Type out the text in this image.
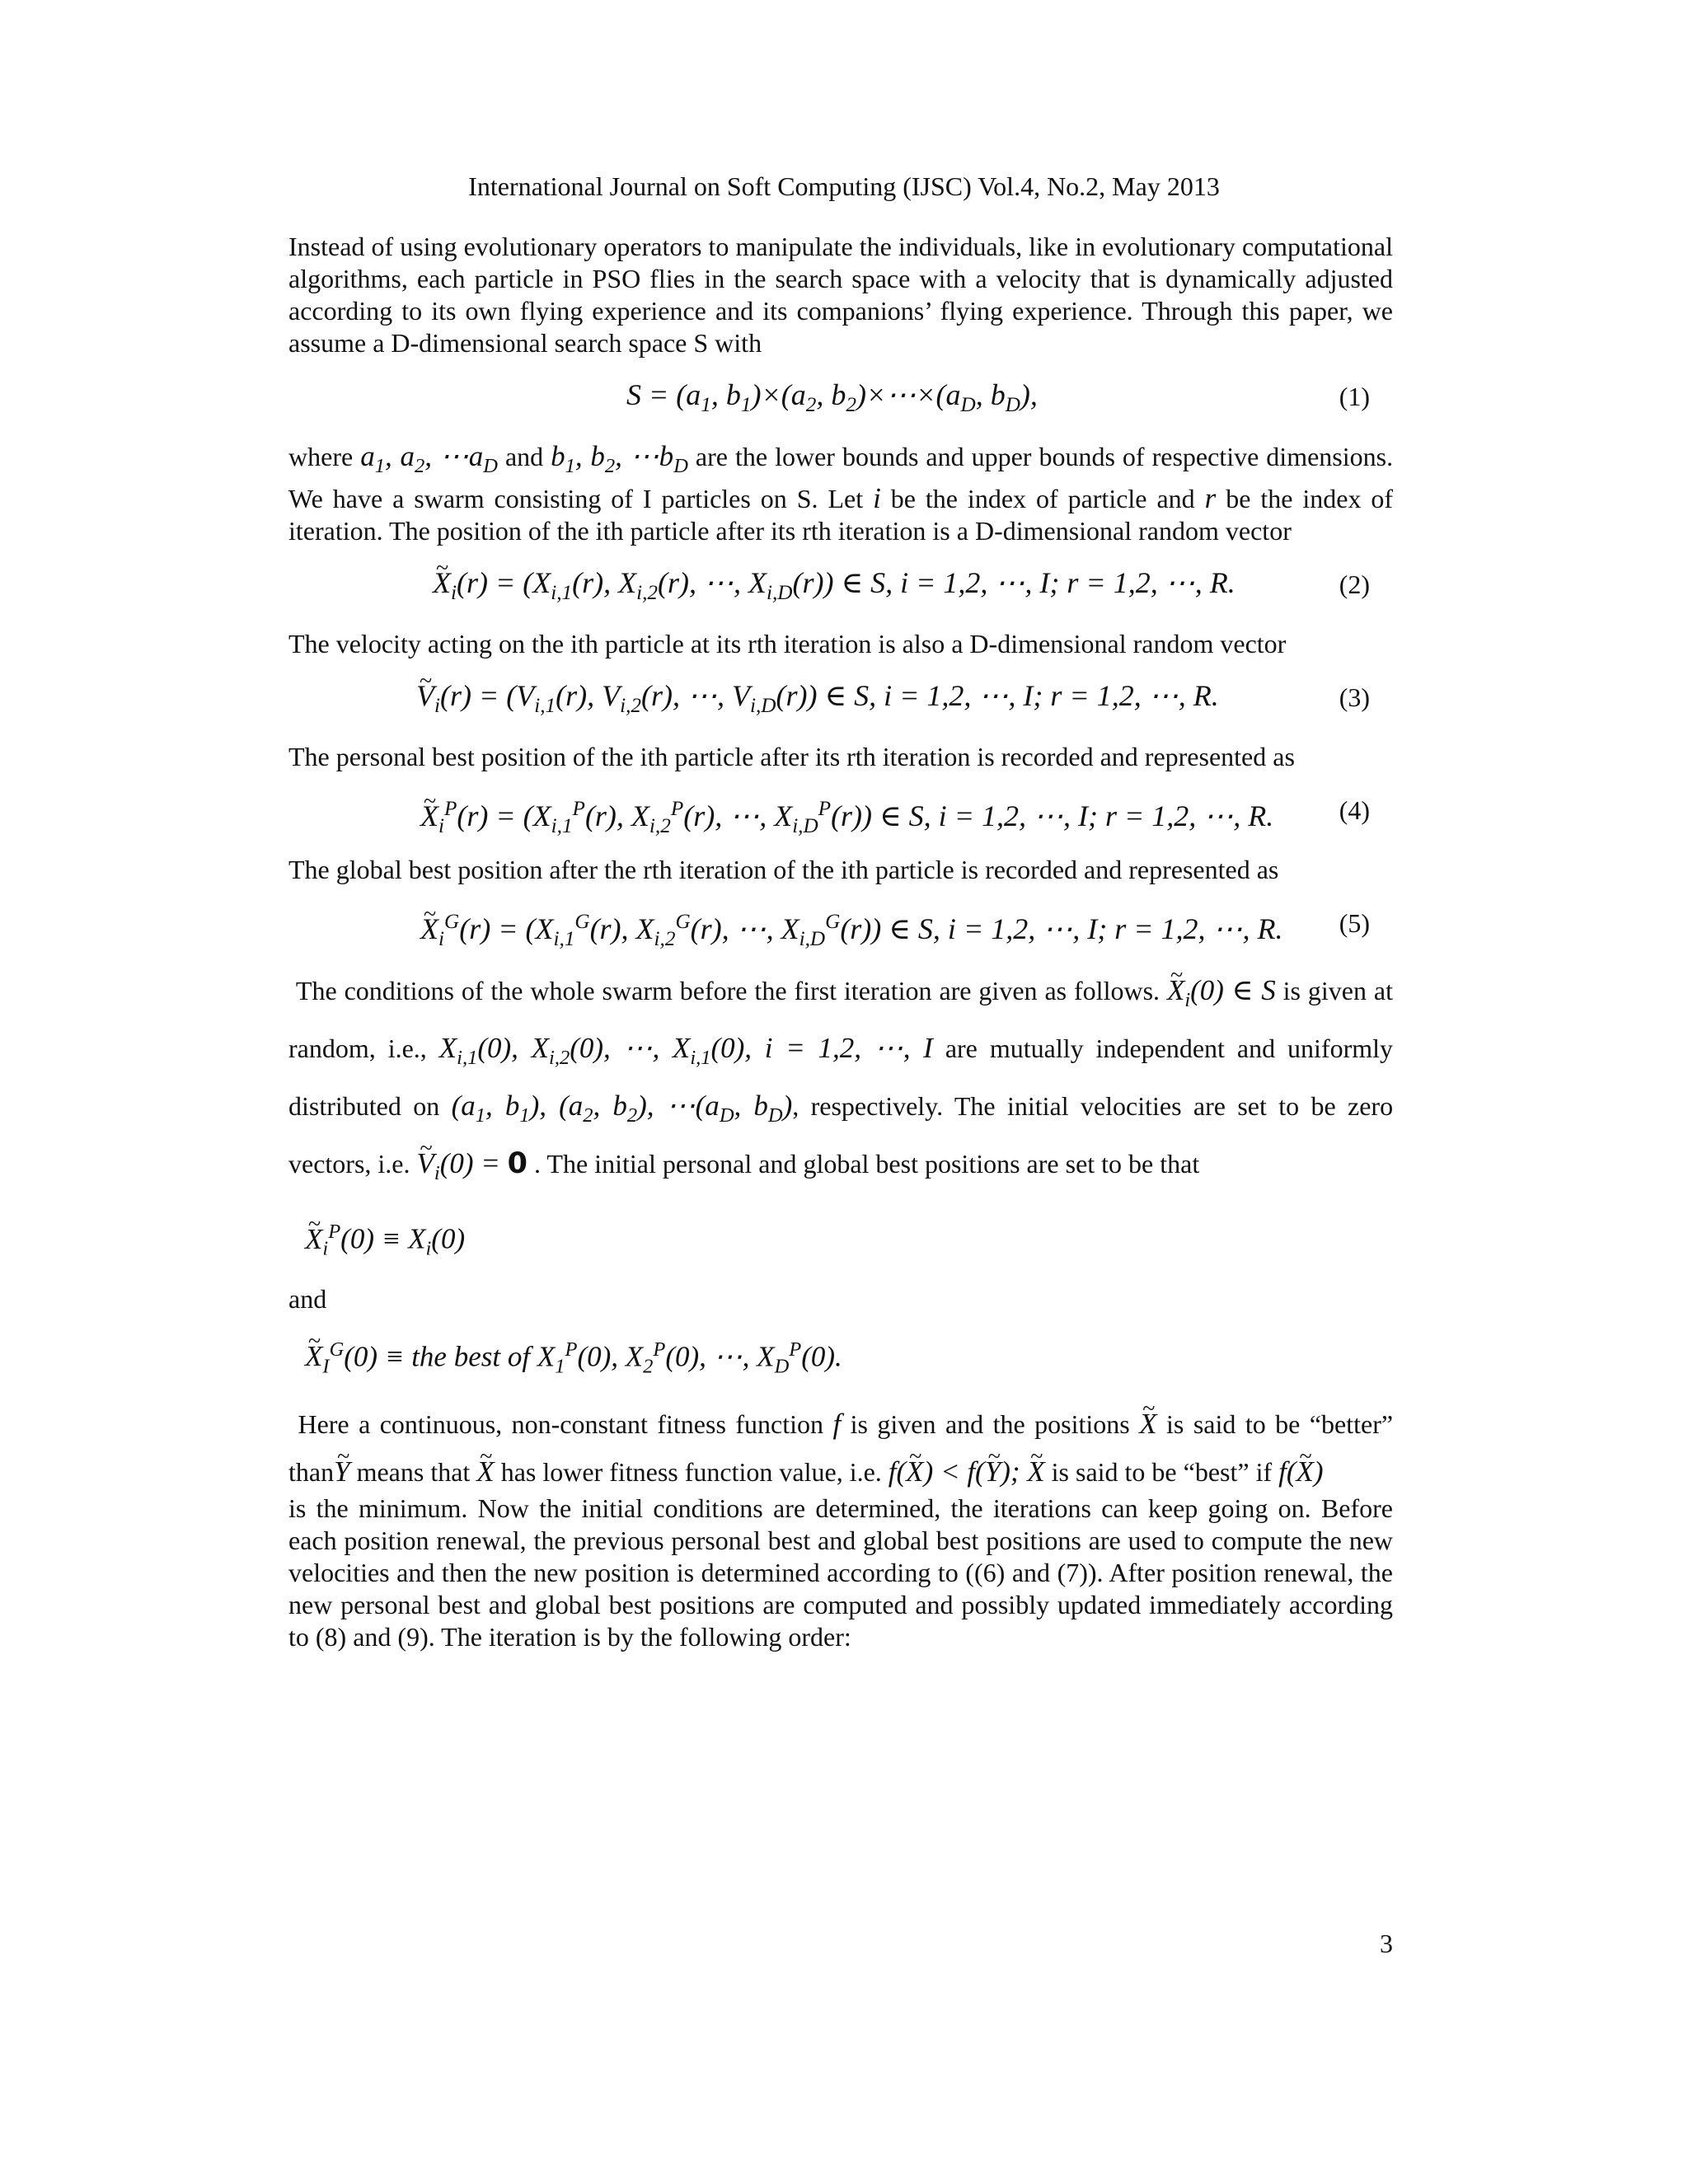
International Journal on Soft Computing (IJSC) Vol.4, No.2, May 2013

Instead of using evolutionary operators to manipulate the individuals, like in evolutionary computational algorithms, each particle in PSO flies in the search space with a velocity that is dynamically adjusted according to its own flying experience and its companions’ flying experience. Through this paper, we assume a D-dimensional search space S with

$S = (a_1$, $b_1)\times(a_2$, $b_2)\times\cdots\times(a_D$, $b_D$),	(1)

where $a_1$, $a_2$, $\cdots a_D$ and $b_1$, $b_2$, $\cdots b_D$ are the lower bounds and upper bounds of respective dimensions. We have a swarm consisting of I particles on S. Let i be the index of particle and r be the index of iteration. The position of the ith particle after its rth iteration is a D-dimensional random vector

~ $X_i(r) = (X_{i,1}(r)$, $X_{i,2}(r)$, ⋯, $X_{i,D}(r)$) ∈ S, i = 1,2, ⋯, I; r = 1,2, ⋯, R.	(2)

The velocity acting on the ith particle at its rth iteration is also a D-dimensional random vector

~ $V_i(r) = (V_{i,1}(r)$, $V_{i,2}(r)$, ⋯, $V_{i,D}(r)$) ∈ S, i = 1,2, ⋯, I; r = 1,2, ⋯, R.	(3)

The personal best position of the ith particle after its rth iteration is recorded and represented as

~ $X_i^P(r) = (X_{i,1}^P(r)$, $X_{i,2}^P(r)$, ⋯, $X_{i,D}^P(r)$) ∈ S, i = 1,2, ⋯, I; r = 1,2, ⋯, R. (4)

The global best position after the rth iteration of the ith particle is recorded and represented as

~ $X_i^G(r) = (X_{i,1}^G(r)$, $X_{i,2}^G(r)$, ⋯, $X_{i,D}^G(r)$) ∈ S, i = 1,2, ⋯, I; r = 1,2, ⋯, R. (5)

The conditions of the whole swarm before the first iteration are given as follows. ~ $X_i(0)$ ∈ S is given at random, i.e., $X_{i,1}(0)$, $X_{i,2}(0)$, ⋯, $X_{i,1}(0)$, i = 1,2, ⋯, I are mutually independent and uniformly distributed on ($a_1$, $b_1$), ($a_2$, $b_2$), $\cdots(a_D$, $b_D$), respectively. The initial velocities are set to be zero vectors, i.e. ~ $V_i(0) = 0$ . The initial personal and global best positions are set to be that

~ $X_i^P(0) \equiv X_i(0)$

and

~ $X_I^G(0)$ ≡ the best of $X_1^P(0)$, $X_2^P(0)$, ⋯, $X_D^P(0)$.

Here a continuous, non-constant fitness function f is given and the positions ~ X is said to be “better” than~ Y means that ~ X has lower fitness function value, i.e. f(~ X) < f(~ Y); ~ X is said to be “best” if f(~ X)

is the minimum. Now the initial conditions are determined, the iterations can keep going on. Before each position renewal, the previous personal best and global best positions are used to compute the new velocities and then the new position is determined according to ((6) and (7)). After position renewal, the new personal best and global best positions are computed and possibly updated immediately according to (8) and (9). The iteration is by the following order:

3
